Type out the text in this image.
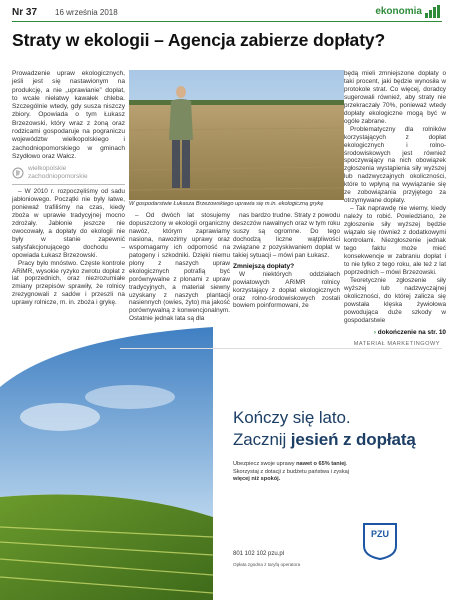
Nr 37 16 września 2018	ekonomia
Straty w ekologii – Agencja zabierze dopłaty?
Prowadzenie upraw ekologicznych, jeśli jest się nastawionym na produkcję, a nie „uprawianie” dopłat, to wcale niełatwy kawałek chleba. Szczególnie wtedy, gdy susza niszczy zbiory. Opowiada o tym Łukasz Brzezowski, który wraz z żoną oraz rodzicami gospodaruje na pograniczu województw wielkopolskiego i zachodniopomorskiego w gminach Szydłowo oraz Wałcz.
wielkopolskie
zachodniopomorskie

– W 2010 r. rozpoczęliśmy od sadu jabłoniowego. Początki nie były łatwe, ponieważ trafiliśmy na czas, kiedy zboża w uprawie tradycyjnej mocno zdrożały. Jabłonie jeszcze nie owocowały, a dopłaty do ekologii nie były w stanie zapewnić satysfakcjonującego dochodu – opowiada Łukasz Brzezowski.

Pracy było mnóstwo. Częste kontrole ARiMR, wysokie ryzyko zwrotu dopłat z lat poprzednich, oraz niezrozumiałe zmiany przepisów sprawiły, że rolnicy zrezygnowali z sadów i przeszli na uprawy rolnicze, m. in. zboża i grykę.

W gospodarstwie Łukasza Brzezowskiego uprawia się m.in. ekologiczną grykę

– Od dwóch lat stosujemy dopuszczony w ekologii organiczny nawóz, którym zaprawiamy nasiona, nawozimy uprawy oraz wspomagamy ich odporność na patogeny i szkodniki. Dzięki niemu plony z naszych upraw ekologicznych potrafią być porównywalne z plonami z upraw tradycyjnych, a materiał siewny uzyskany z naszych plantacji nasiennych (owies, żyto) ma jakość porównywalną z konwencjonalnym. Ostatnie jednak lata są dla

nas bardzo trudne. Straty z powodu deszczów nawalnych oraz w tym roku suszy są ogromne. Do tego dochodzą liczne wątpliwości związane z pozyskiwaniem dopłat w takiej sytuacji – mówi pan Łukasz.

Zmniejszą dopłaty?

W niektórych oddziałach powiatowych ARiMR rolnicy korzystający z dopłat ekologicznych oraz rolno-środowiskowych zostali bowiem poinformowani, że

będą mieli zmniejszone dopłaty o taki procent, jaki będzie wynosiła w protokole strat. Co więcej, doradcy sugerowali również, aby straty nie przekraczały 70%, ponieważ wtedy dopłaty ekologiczne mogą być w ogóle zabrane.

Problematyczny dla rolników korzystających z dopłat ekologicznych i rolno-środowiskowych jest również spoczywający na nich obowiązek zgłoszenia wystąpienia siły wyższej lub nadzwyczajnych okoliczności, które to wpłyną na wywiązanie się ze zobowiązania przyjętego za otrzymywane dopłaty.

– Tak naprawdę nie wiemy, kiedy należy to robić. Powiedziano, że zgłoszenie siły wyższej będzie wiązało się również z dodatkowymi kontrolami. Niezgłoszenie jednak tego faktu może mieć konsekwencje w zabraniu dopłat i to nie tylko z tego roku, ale też z lat poprzednich – mówi Brzezowski.

Teoretycznie zgłoszenie siły wyższej lub nadzwyczajnej okoliczności, do której zalicza się powstała klęska żywiołowa powodująca duże szkody w gospodarstwie

› dokończenie na str. 10

MATERIAŁ MARKETINGOWY
Kończy się lato.
Zacznij jesień z dopłatą
Ubezpiecz swoje uprawy nawet o 65% taniej.
Skorzystaj z dotacji z budżetu państwa i zyskaj
więcej niż spokój.
PZU
801 102 102 pzu.pl
Opłata zgodna z taryfą operatora
